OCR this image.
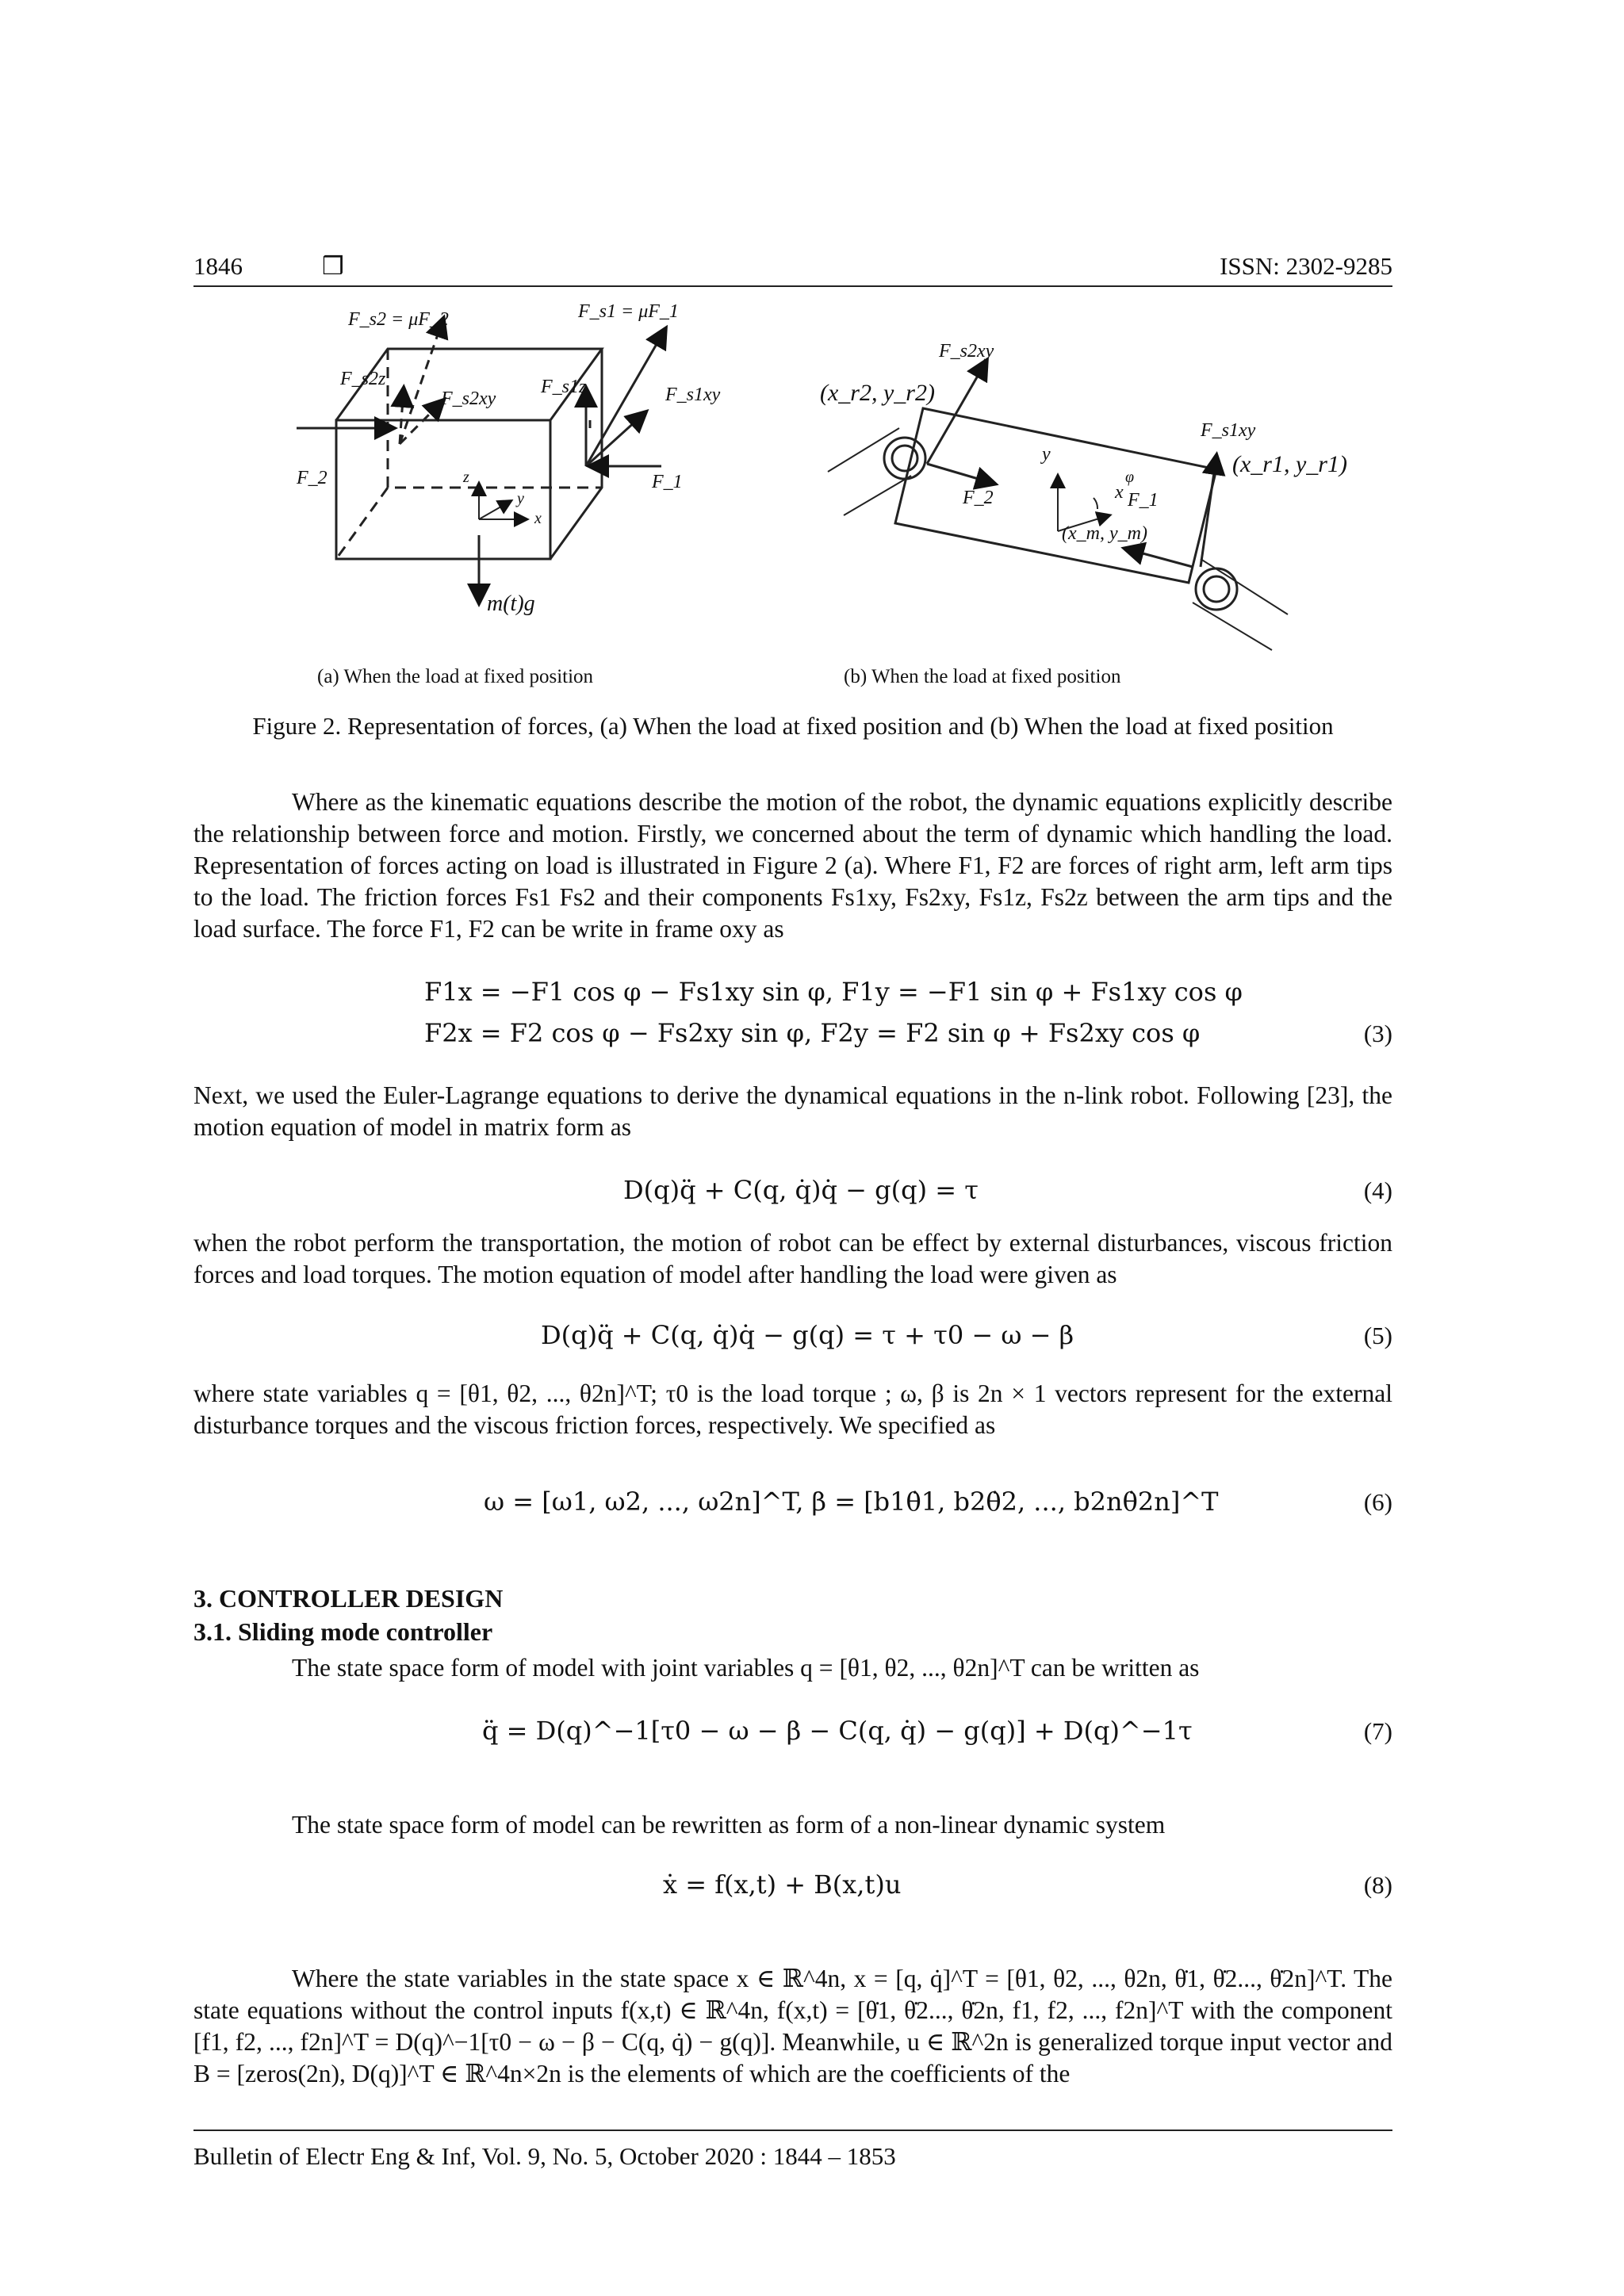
1846	❒	ISSN: 2302-9285
F_s2 = μF_2	F_s1 = μF_1
F_s2z
F_s2xy
F_s1z	F_s1xy
F_2	F_1
z
y
x
m(t)g
F_s2xy
(x_r2, y_r2)
F_s1xy
(x_r1, y_r1)
y
φ
x F_1
F_2
(x_m, y_m)
(a) When the load at fixed position	(b) When the load at fixed position
Figure 2. Representation of forces, (a) When the load at fixed position and (b) When the load at fixed position
Where as the kinematic equations describe the motion of the robot, the dynamic equations explicitly describe the relationship between force and motion. Firstly, we concerned about the term of dynamic which handling the load. Representation of forces acting on load is illustrated in Figure 2 (a). Where F1, F2 are forces of right arm, left arm tips to the load. The friction forces Fs1 Fs2 and their components Fs1xy, Fs2xy, Fs1z, Fs2z between the arm tips and the load surface. The force F1, F2 can be write in frame oxy as
F1x = −F1 cos φ − Fs1xy sin φ, F1y = −F1 sin φ + Fs1xy cos φ
F2x = F2 cos φ − Fs2xy sin φ, F2y = F2 sin φ + Fs2xy cos φ	(3)
Next, we used the Euler-Lagrange equations to derive the dynamical equations in the n-link robot. Following [23], the motion equation of model in matrix form as
D(q)q̈ + C(q, q̇)q̇ − g(q) = τ	(4)
when the robot perform the transportation, the motion of robot can be effect by external disturbances, viscous friction forces and load torques. The motion equation of model after handling the load were given as
D(q)q̈ + C(q, q̇)q̇ − g(q) = τ + τ0 − ω − β	(5)
where state variables q = [θ1, θ2, ..., θ2n]^T; τ0 is the load torque ; ω, β is 2n × 1 vectors represent for the external disturbance torques and the viscous friction forces, respectively. We specified as
ω = [ω1, ω2, ..., ω2n]^T, β = [b1θ̇1, b2θ̇2, ..., b2nθ̇2n]^T	(6)
3. CONTROLLER DESIGN
3.1. Sliding mode controller
The state space form of model with joint variables q = [θ1, θ2, ..., θ2n]^T can be written as
q̈ = D(q)^−1[τ0 − ω − β − C(q, q̇) − g(q)] + D(q)^−1τ	(7)
The state space form of model can be rewritten as form of a non-linear dynamic system
ẋ = f(x,t) + B(x,t)u	(8)
Where the state variables in the state space x ∈ ℝ^4n, x = [q, q̇]^T = [θ1, θ2, ..., θ2n, θ̇1, θ̇2..., θ̇2n]^T. The state equations without the control inputs f(x,t) ∈ ℝ^4n, f(x,t) = [θ̇1, θ̇2..., θ̇2n, f1, f2, ..., f2n]^T with the component [f1, f2, ..., f2n]^T = D(q)^−1[τ0 − ω − β − C(q, q̇) − g(q)]. Meanwhile, u ∈ ℝ^2n is generalized torque input vector and B = [zeros(2n), D(q)]^T ∈ ℝ^4n×2n is the elements of which are the coefficients of the
Bulletin of Electr Eng & Inf, Vol. 9, No. 5, October 2020 : 1844 – 1853
